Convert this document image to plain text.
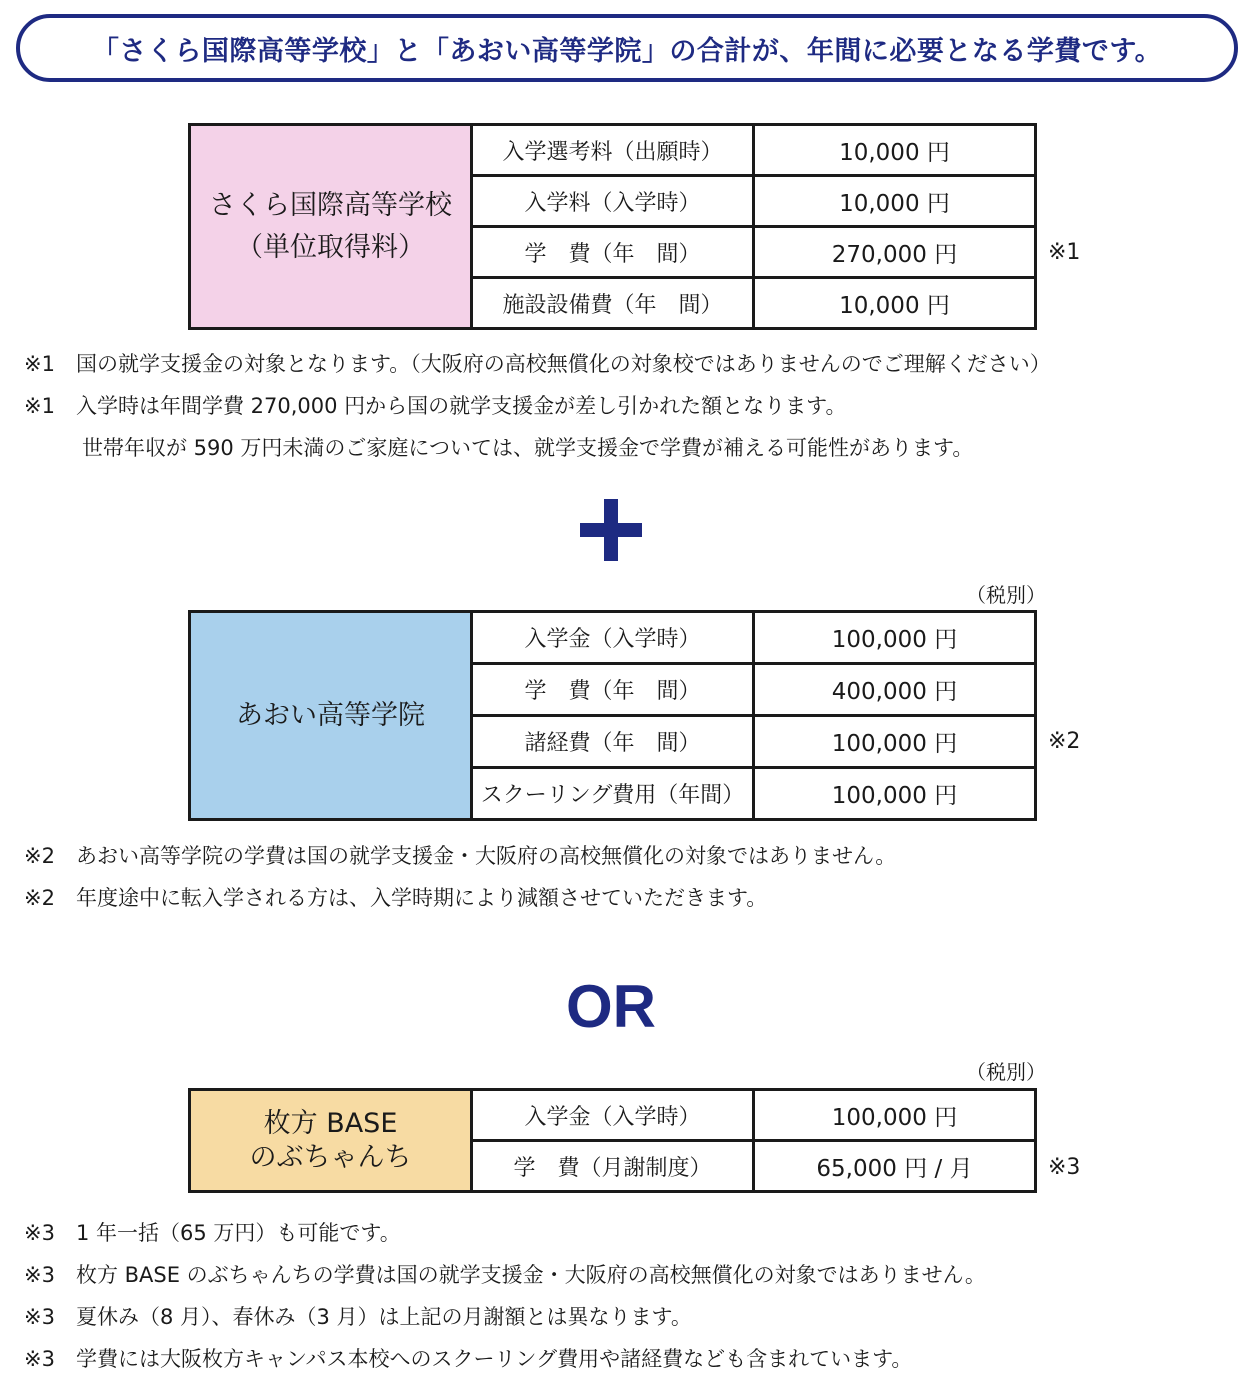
「さくら国際高等学校」と「あおい高等学院」の合計が、年間に必要となる学費です。
さくら国際高等学校
（単位取得料）	入学選考料（出願時）	10,000 円
	入学料（入学時）	10,000 円
	学　費（年　間）	270,000 円
	施設設備費（年　間）	10,000 円
※1
※1　国の就学支援金の対象となります。（大阪府の高校無償化の対象校ではありませんのでご理解ください）
※1　入学時は年間学費 270,000 円から国の就学支援金が差し引かれた額となります。
世帯年収が 590 万円未満のご家庭については、就学支援金で学費が補える可能性があります。
（税別）
あおい高等学院	入学金（入学時）	100,000 円
	学　費（年　間）	400,000 円
	諸経費（年　間）	100,000 円
	スクーリング費用（年間）	100,000 円
※2
※2　あおい高等学院の学費は国の就学支援金・大阪府の高校無償化の対象ではありません。
※2　年度途中に転入学される方は、入学時期により減額させていただきます。
OR
（税別）
枚方 BASE
のぶちゃんち	入学金（入学時）	100,000 円
	学　費（月謝制度）	65,000 円 / 月	※3
※3　1 年一括（65 万円）も可能です。
※3　枚方 BASE のぶちゃんちの学費は国の就学支援金・大阪府の高校無償化の対象ではありません。
※3　夏休み（8 月）、春休み（3 月）は上記の月謝額とは異なります。
※3　学費には大阪枚方キャンパス本校へのスクーリング費用や諸経費なども含まれています。
